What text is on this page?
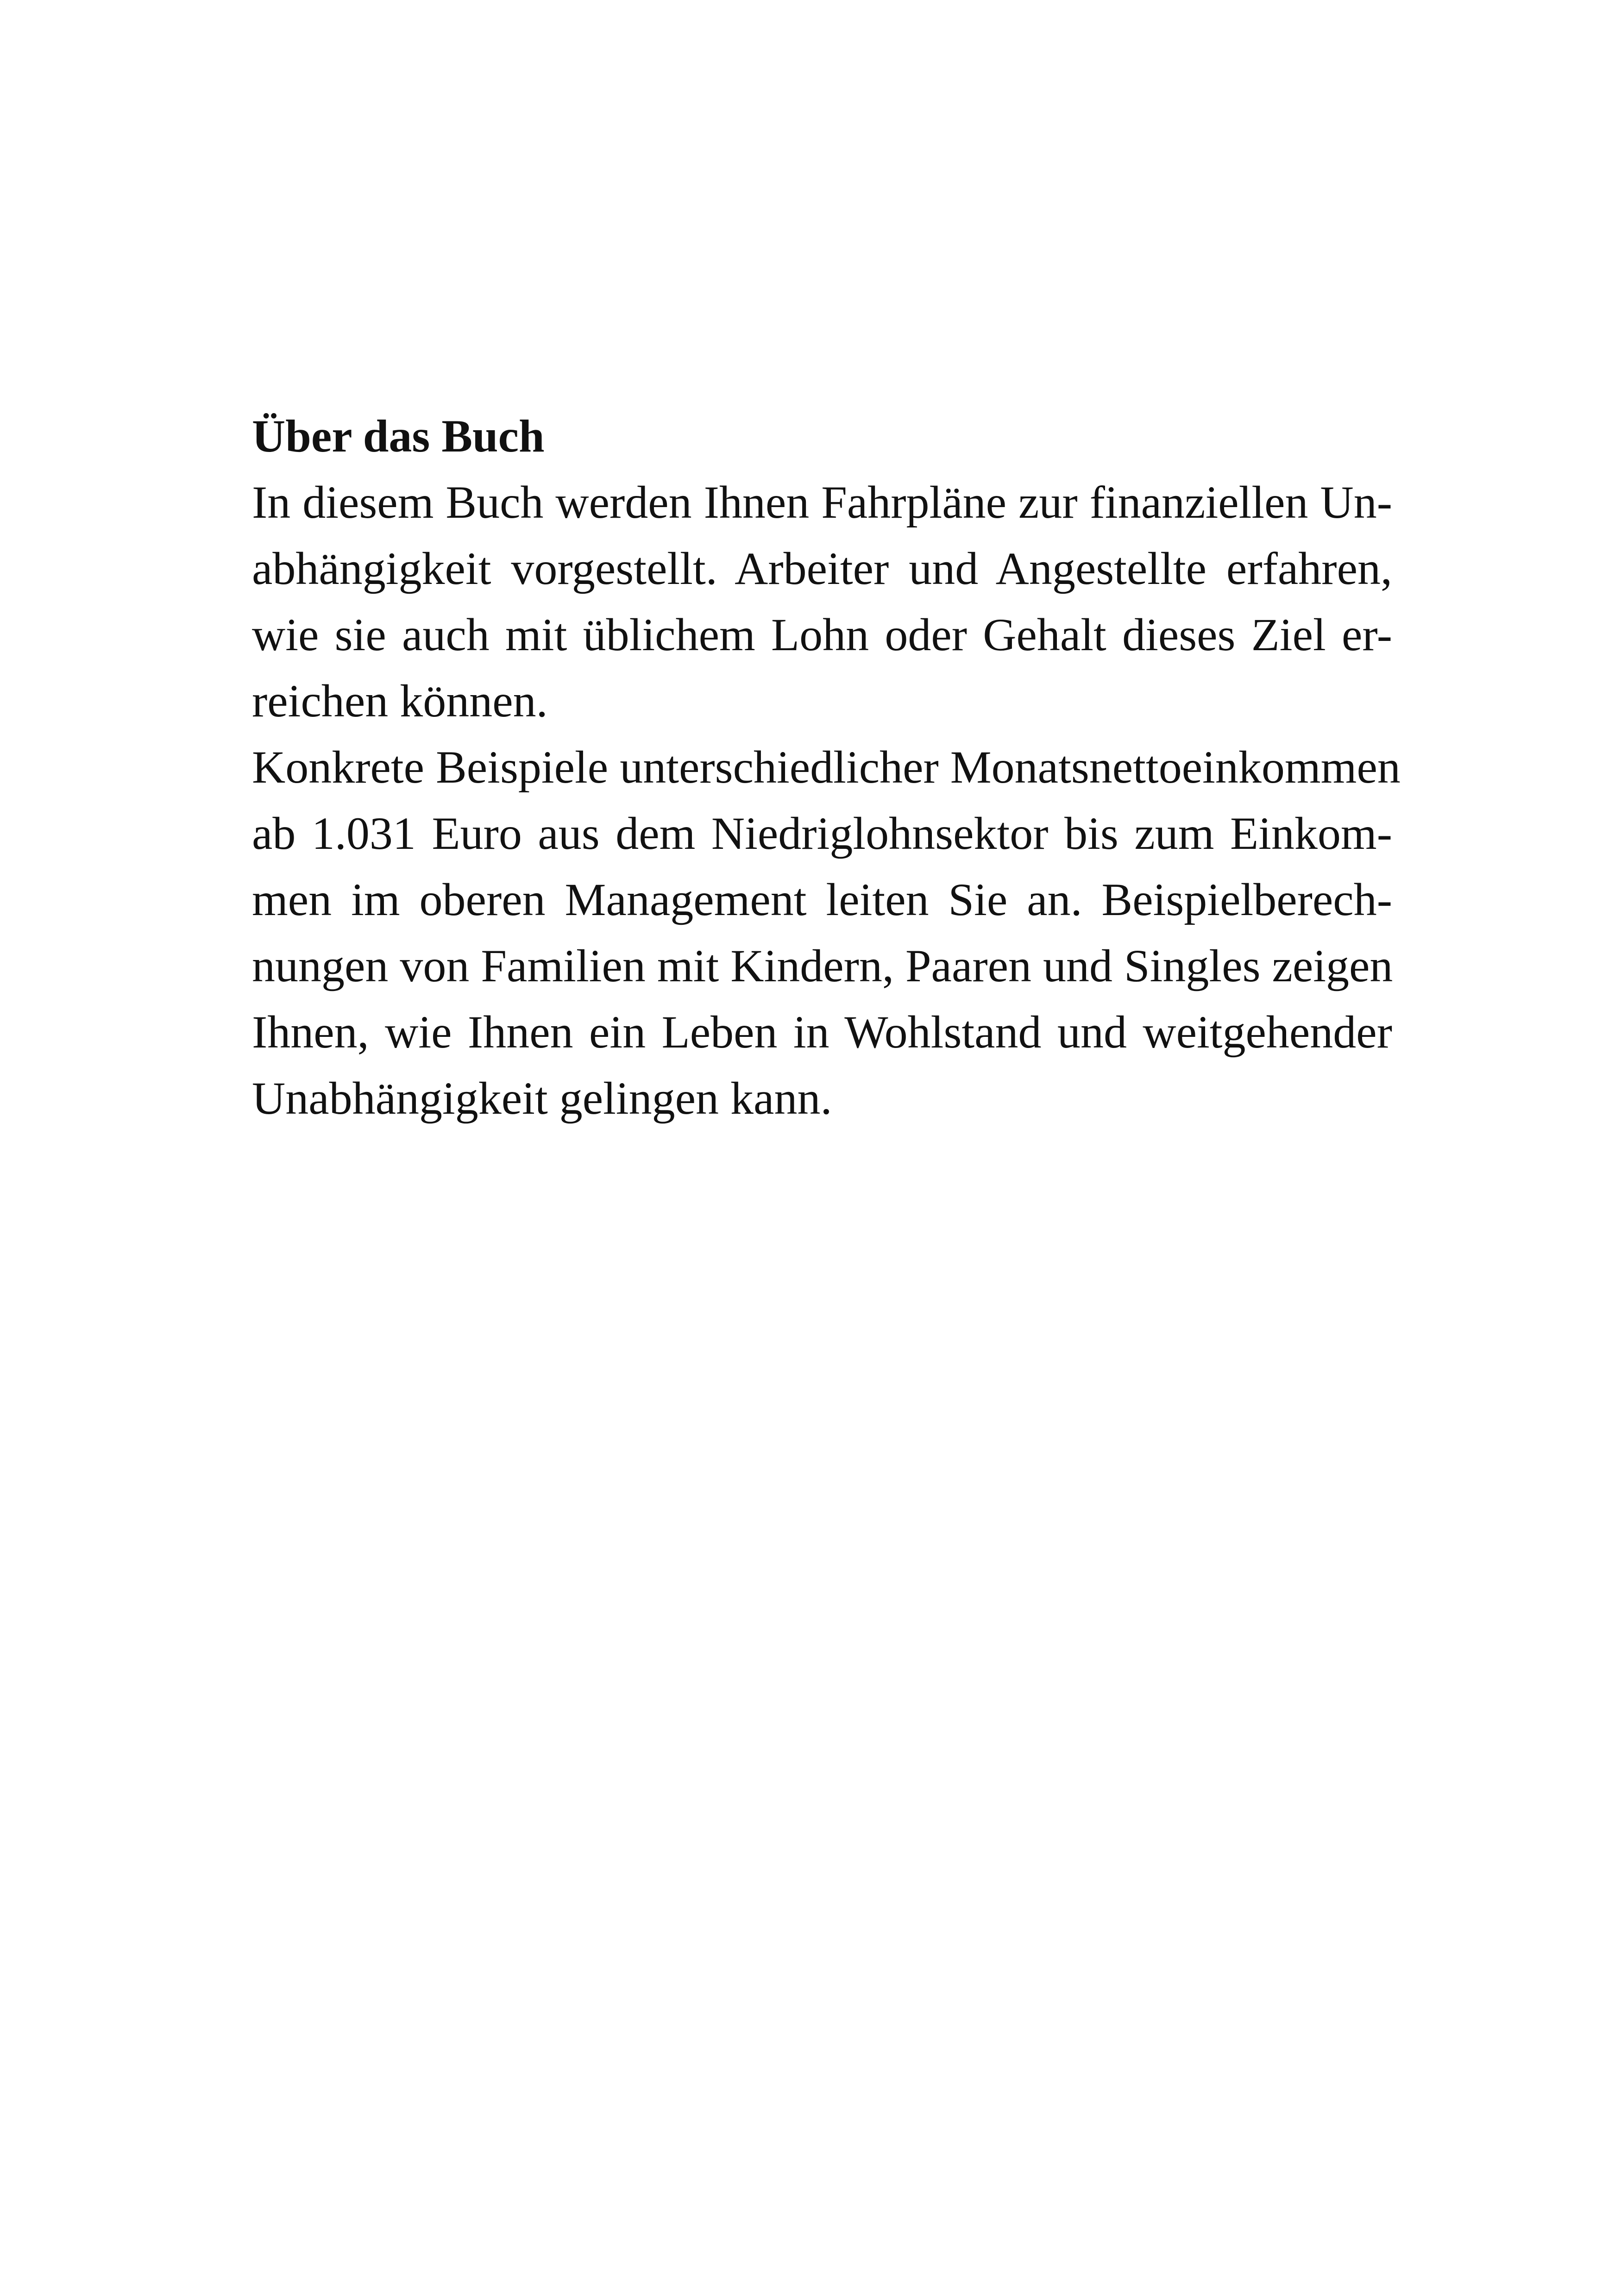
Über das Buch
In diesem Buch werden Ihnen Fahrpläne zur finanziellen Un-
abhängigkeit vorgestellt. Arbeiter und Angestellte erfahren,
wie sie auch mit üblichem Lohn oder Gehalt dieses Ziel er-
reichen können.
Konkrete Beispiele unterschiedlicher Monatsnettoeinkommen
ab 1.031 Euro aus dem Niedriglohnsektor bis zum Einkom-
men im oberen Management leiten Sie an. Beispielberech-
nungen von Familien mit Kindern, Paaren und Singles zeigen
Ihnen, wie Ihnen ein Leben in Wohlstand und weitgehender
Unabhängigkeit gelingen kann.
